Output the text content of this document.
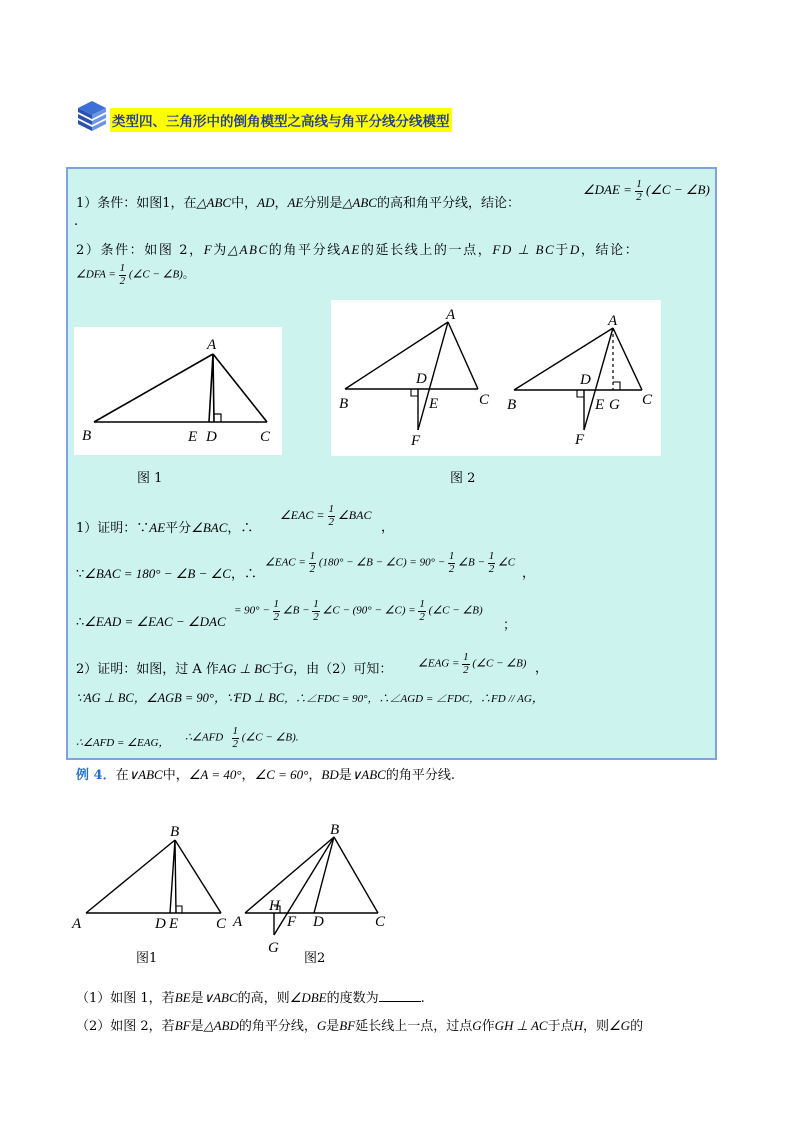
类型四、三角形中的倒角模型之高线与角平分线分线模型
1）条件：如图1，在△ABC中，AD，AE分别是△ABC的高和角平分线，结论：
∠DAE = $\frac{1}{2}$ (∠C − ∠B)
.
2）条件：如图 2，F为△ABC的角平分线AE的延长线上的一点，FD ⊥ BC于D，结论：
∠DFA = $\frac{1}{2}$ (∠C − ∠B)。
A
B	E D	C
图 1
A
D
B	E	C
F
A
D
B	E G C
F
图 2
1）证明：∵AE平分∠BAC，∴
∠EAC = $\frac{1}{2}$ ∠BAC
，
∵∠BAC = 180° − ∠B − ∠C，∴
∠EAC = $\frac{1}{2} (180^\circ$ − ∠B − ∠C) = $90^\circ - \frac{1}{2}$ ∠B − $\frac{1}{2}$ ∠C
，
∴∠EAD = ∠EAC − ∠DAC
= $90^\circ - \frac{1}{2}$ ∠B − $\frac{1}{2}$ ∠C − (90° − ∠C) = $\frac{1}{2}$ (∠C − ∠B)
；
2）证明：如图，过 A 作AG ⊥ BC于G，由（2）可知： ∠EAG = $\frac{1}{2}$ (∠C − ∠B) ，
∵AG ⊥ BC，∠AGB = 90°，∵FD ⊥ BC，∴∠FDC = 90°，∴∠AGD = ∠FDC，∴FD // AG，
∴∠AFD = ∠EAG， ∴∠AFD $\frac{1}{2}$ (∠C − ∠B).
例 4．在∨ABC中，∠A = 40°，∠C = 60°，BD是∨ABC的角平分线.
B
A	D E	C
图1
B
A
H
F D	C
G
图2
（1）如图 1，若BE是∨ABC的高，则∠DBE的度数为	.
（2）如图 2，若BF是△ABD的角平分线，G是BF延长线上一点，过点G作GH ⊥ AC于点H，则∠G的
